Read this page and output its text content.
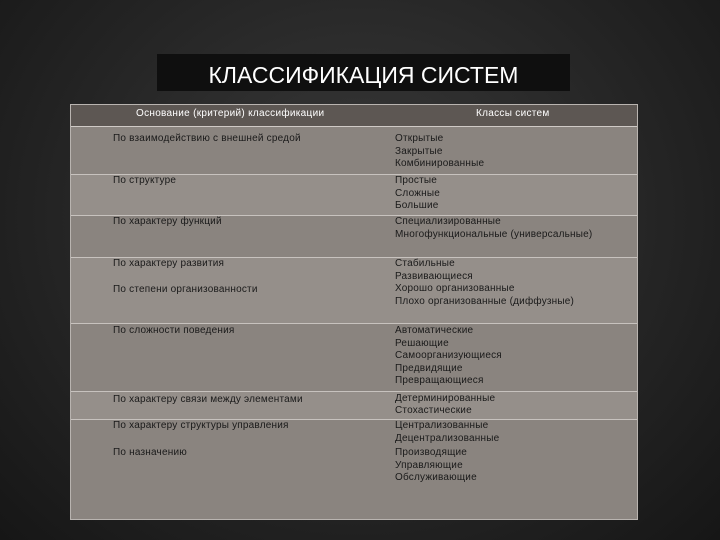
КЛАССИФИКАЦИЯ СИСТЕМ
Основание (критерий) классификации	Классы систем
По взаимодействию с внешней средой	Открытые
Закрытые
Комбинированные
По структуре	Простые
Сложные
Большие
По характеру функций	Специализированные
Многофункциональные (универсальные)
По характеру развития	Стабильные
Развивающиеся
По степени организованности	Хорошо организованные
Плохо организованные (диффузные)
По сложности поведения	Автоматические
Решающие
Самоорганизующиеся
Предвидящие
Превращающиеся
По характеру связи между элементами	Детерминированные
Стохастические
По характеру структуры управления	Централизованные
Децентрализованные
По назначению	Производящие
Управляющие
Обслуживающие
